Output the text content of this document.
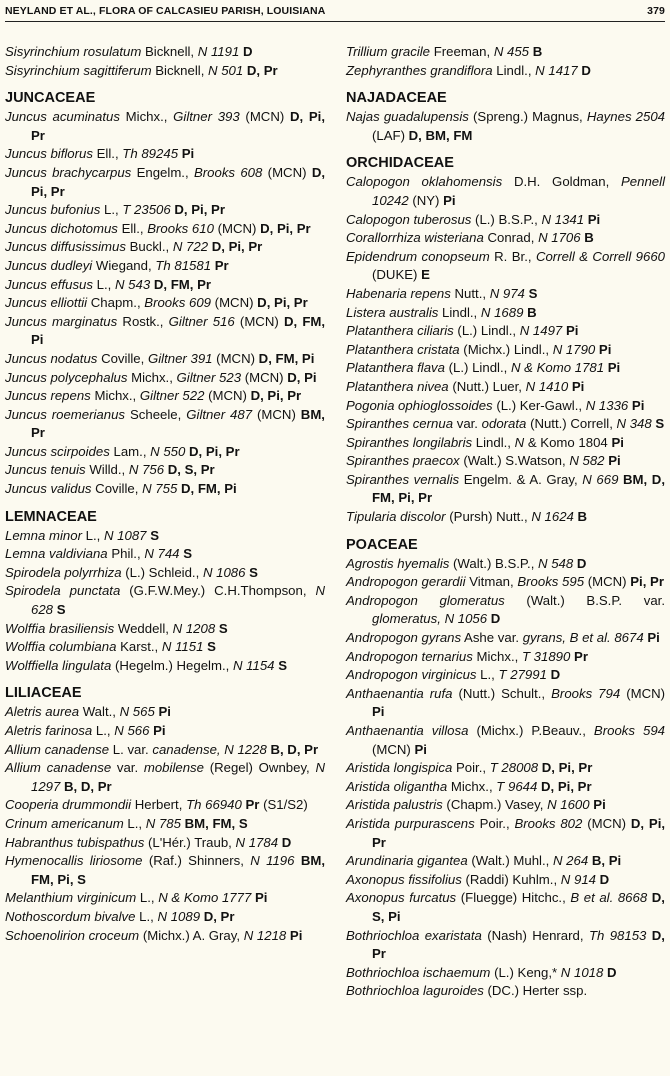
NEYLAND ET AL., FLORA OF CALCASIEU PARISH, LOUISIANA	379
Sisyrinchium rosulatum Bicknell, N 1191 D
Sisyrinchium sagittiferum Bicknell, N 501 D, Pr
JUNCACEAE
Juncus acuminatus Michx., Giltner 393 (MCN) D, Pi, Pr
Juncus biflorus Ell., Th 89245 Pi
Juncus brachycarpus Engelm., Brooks 608 (MCN) D, Pi, Pr
Juncus bufonius L., T 23506 D, Pi, Pr
Juncus dichotomus Ell., Brooks 610 (MCN) D, Pi, Pr
Juncus diffusissimus Buckl., N 722 D, Pi, Pr
Juncus dudleyi Wiegand, Th 81581 Pr
Juncus effusus L., N 543 D, FM, Pr
Juncus elliottii Chapm., Brooks 609 (MCN) D, Pi, Pr
Juncus marginatus Rostk., Giltner 516 (MCN) D, FM, Pi
Juncus nodatus Coville, Giltner 391 (MCN) D, FM, Pi
Juncus polycephalus Michx., Giltner 523 (MCN) D, Pi
Juncus repens Michx., Giltner 522 (MCN) D, Pi, Pr
Juncus roemerianus Scheele, Giltner 487 (MCN) BM, Pr
Juncus scirpoides Lam., N 550 D, Pi, Pr
Juncus tenuis Willd., N 756 D, S, Pr
Juncus validus Coville, N 755 D, FM, Pi
LEMNACEAE
Lemna minor L., N 1087 S
Lemna valdiviana Phil., N 744 S
Spirodela polyrrhiza (L.) Schleid., N 1086 S
Spirodela punctata (G.F.W.Mey.) C.H.Thompson, N 628 S
Wolffia brasiliensis Weddell, N 1208 S
Wolffia columbiana Karst., N 1151 S
Wolffiella lingulata (Hegelm.) Hegelm., N 1154 S
LILIACEAE
Aletris aurea Walt., N 565 Pi
Aletris farinosa L., N 566 Pi
Allium canadense L. var. canadense, N 1228 B, D, Pr
Allium canadense var. mobilense (Regel) Ownbey, N 1297 B, D, Pr
Cooperia drummondii Herbert, Th 66940 Pr (S1/S2)
Crinum americanum L., N 785 BM, FM, S
Habranthus tubispathus (L'Hér.) Traub, N 1784 D
Hymenocallis liriosome (Raf.) Shinners, N 1196 BM, FM, Pi, S
Melanthium virginicum L., N & Komo 1777 Pi
Nothoscordum bivalve L., N 1089 D, Pr
Schoenolirion croceum (Michx.) A. Gray, N 1218 Pi
Trillium gracile Freeman, N 455 B
Zephyranthes grandiflora Lindl., N 1417 D
NAJADACEAE
Najas guadalupensis (Spreng.) Magnus, Haynes 2504 (LAF) D, BM, FM
ORCHIDACEAE
Calopogon oklahomensis D.H. Goldman, Pennell 10242 (NY) Pi
Calopogon tuberosus (L.) B.S.P., N 1341 Pi
Corallorrhiza wisteriana Conrad, N 1706 B
Epidendrum conopseum R. Br., Correll & Correll 9660 (DUKE) E
Habenaria repens Nutt., N 974 S
Listera australis Lindl., N 1689 B
Platanthera ciliaris (L.) Lindl., N 1497 Pi
Platanthera cristata (Michx.) Lindl., N 1790 Pi
Platanthera flava (L.) Lindl., N & Komo 1781 Pi
Platanthera nivea (Nutt.) Luer, N 1410 Pi
Pogonia ophioglossoides (L.) Ker-Gawl., N 1336 Pi
Spiranthes cernua var. odorata (Nutt.) Correll, N 348 S
Spiranthes longilabris Lindl., N & Komo 1804 Pi
Spiranthes praecox (Walt.) S.Watson, N 582 Pi
Spiranthes vernalis Engelm. & A. Gray, N 669 BM, D, FM, Pi, Pr
Tipularia discolor (Pursh) Nutt., N 1624 B
POACEAE
Agrostis hyemalis (Walt.) B.S.P., N 548 D
Andropogon gerardii Vitman, Brooks 595 (MCN) Pi, Pr
Andropogon glomeratus (Walt.) B.S.P. var. glomeratus, N 1056 D
Andropogon gyrans Ashe var. gyrans, B et al. 8674 Pi
Andropogon ternarius Michx., T 31890 Pr
Andropogon virginicus L., T 27991 D
Anthaenantia rufa (Nutt.) Schult., Brooks 794 (MCN) Pi
Anthaenantia villosa (Michx.) P.Beauv., Brooks 594 (MCN) Pi
Aristida longispica Poir., T 28008 D, Pi, Pr
Aristida oligantha Michx., T 9644 D, Pi, Pr
Aristida palustris (Chapm.) Vasey, N 1600 Pi
Aristida purpurascens Poir., Brooks 802 (MCN) D, Pi, Pr
Arundinaria gigantea (Walt.) Muhl., N 264 B, Pi
Axonopus fissifolius (Raddi) Kuhlm., N 914 D
Axonopus furcatus (Fluegge) Hitchc., B et al. 8668 D, S, Pi
Bothriochloa exaristata (Nash) Henrard, Th 98153 D, Pr
Bothriochloa ischaemum (L.) Keng,* N 1018 D
Bothriochloa laguroides (DC.) Herter ssp.
